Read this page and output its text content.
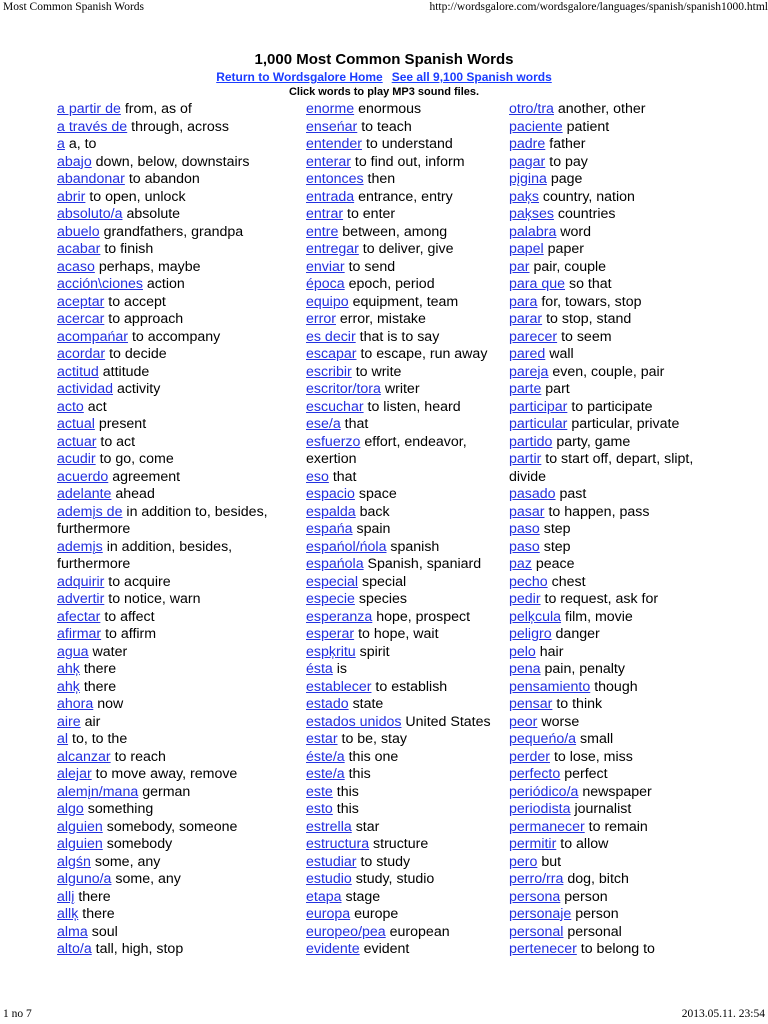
Most Common Spanish Words	http://wordsgalore.com/wordsgalore/languages/spanish/spanish1000.html
1,000 Most Common Spanish Words
Return to Wordsgalore Home See all 9,100 Spanish words
Click words to play MP3 sound files.
a partir de from, as of
a través de through, across
a a, to
abajo down, below, downstairs
abandonar to abandon
abrir to open, unlock
absoluto/a absolute
abuelo grandfathers, grandpa
acabar to finish
acaso perhaps, maybe
acción\ciones action
aceptar to accept
acercar to approach
acompańar to accompany
acordar to decide
actitud attitude
actividad activity
acto act
actual present
actuar to act
acudir to go, come
acuerdo agreement
adelante ahead
ademįs de in addition to, besides, furthermore
ademįs in addition, besides, furthermore
adquirir to acquire
advertir to notice, warn
afectar to affect
afirmar to affirm
agua water
ahķ there
ahķ there
ahora now
aire air
al to, to the
alcanzar to reach
alejar to move away, remove
alemįn/mana german
algo something
alguien somebody, someone
alguien somebody
algśn some, any
alguno/a some, any
allį there
allķ there
alma soul
alto/a tall, high, stop
enorme enormous
enseńar to teach
entender to understand
enterar to find out, inform
entonces then
entrada entrance, entry
entrar to enter
entre between, among
entregar to deliver, give
enviar to send
época epoch, period
equipo equipment, team
error error, mistake
es decir that is to say
escapar to escape, run away
escribir to write
escritor/tora writer
escuchar to listen, heard
ese/a that
esfuerzo effort, endeavor,
exertion
eso that
espacio space
espalda back
espańa spain
espańol/ńola spanish
espańola Spanish, spaniard
especial special
especie species
esperanza hope, prospect
esperar to hope, wait
espķritu spirit
ésta is
establecer to establish
estado state
estados unidos United States
estar to be, stay
éste/a this one
este/a this
este this
esto this
estrella star
estructura structure
estudiar to study
estudio study, studio
etapa stage
europa europe
europeo/pea european
evidente evident
otro/tra another, other
paciente patient
padre father
pagar to pay
pįgina page
paķs country, nation
paķses countries
palabra word
papel paper
par pair, couple
para que so that
para for, towars, stop
parar to stop, stand
parecer to seem
pared wall
pareja even, couple, pair
parte part
participar to participate
particular particular, private
partido party, game
partir to start off, depart, slipt, divide
pasado past
pasar to happen, pass
paso step
paso step
paz peace
pecho chest
pedir to request, ask for
pelķcula film, movie
peligro danger
pelo hair
pena pain, penalty
pensamiento though
pensar to think
peor worse
pequeńo/a small
perder to lose, miss
perfecto perfect
periódico/a newspaper
periodista journalist
permanecer to remain
permitir to allow
pero but
perro/rra dog, bitch
persona person
personaje person
personal personal
pertenecer to belong to
1 no 7	2013.05.11. 23:54
